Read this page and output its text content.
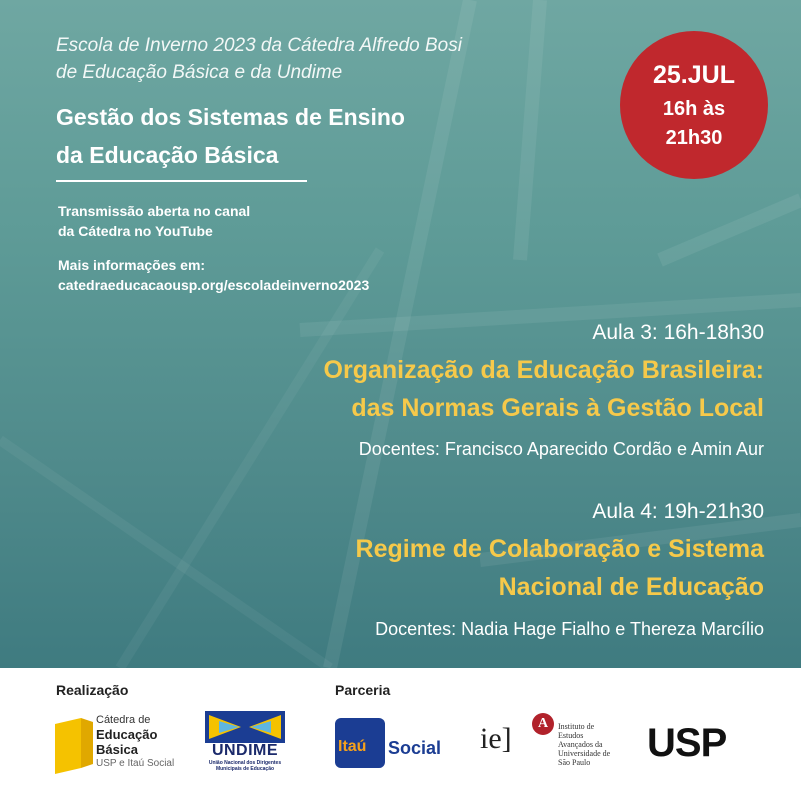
Escola de Inverno 2023 da Cátedra Alfredo Bosi
de Educação Básica e da Undime
Gestão dos Sistemas de Ensino
da Educação Básica
Transmissão aberta no canal
da Cátedra no YouTube
Mais informações em:
catedraeducacaousp.org/escoladeinverno2023
25.JUL
16h às
21h30
Aula 3: 16h-18h30
Organização da Educação Brasileira:
das Normas Gerais à Gestão Local
Docentes: Francisco Aparecido Cordão e Amin Aur
Aula 4: 19h-21h30
Regime de Colaboração e Sistema
Nacional de Educação
Docentes: Nadia Hage Fialho e Thereza Marcílio
Realização	Parceria
Cátedra de
Educação
Básica
USP e Itaú Social
UNDIME
União Nacional dos Dirigentes
Municipais de Educação
Itaú Social ie]	A	Instituto de
Estudos
Avançados da
Universidade de
São Paulo	USP
